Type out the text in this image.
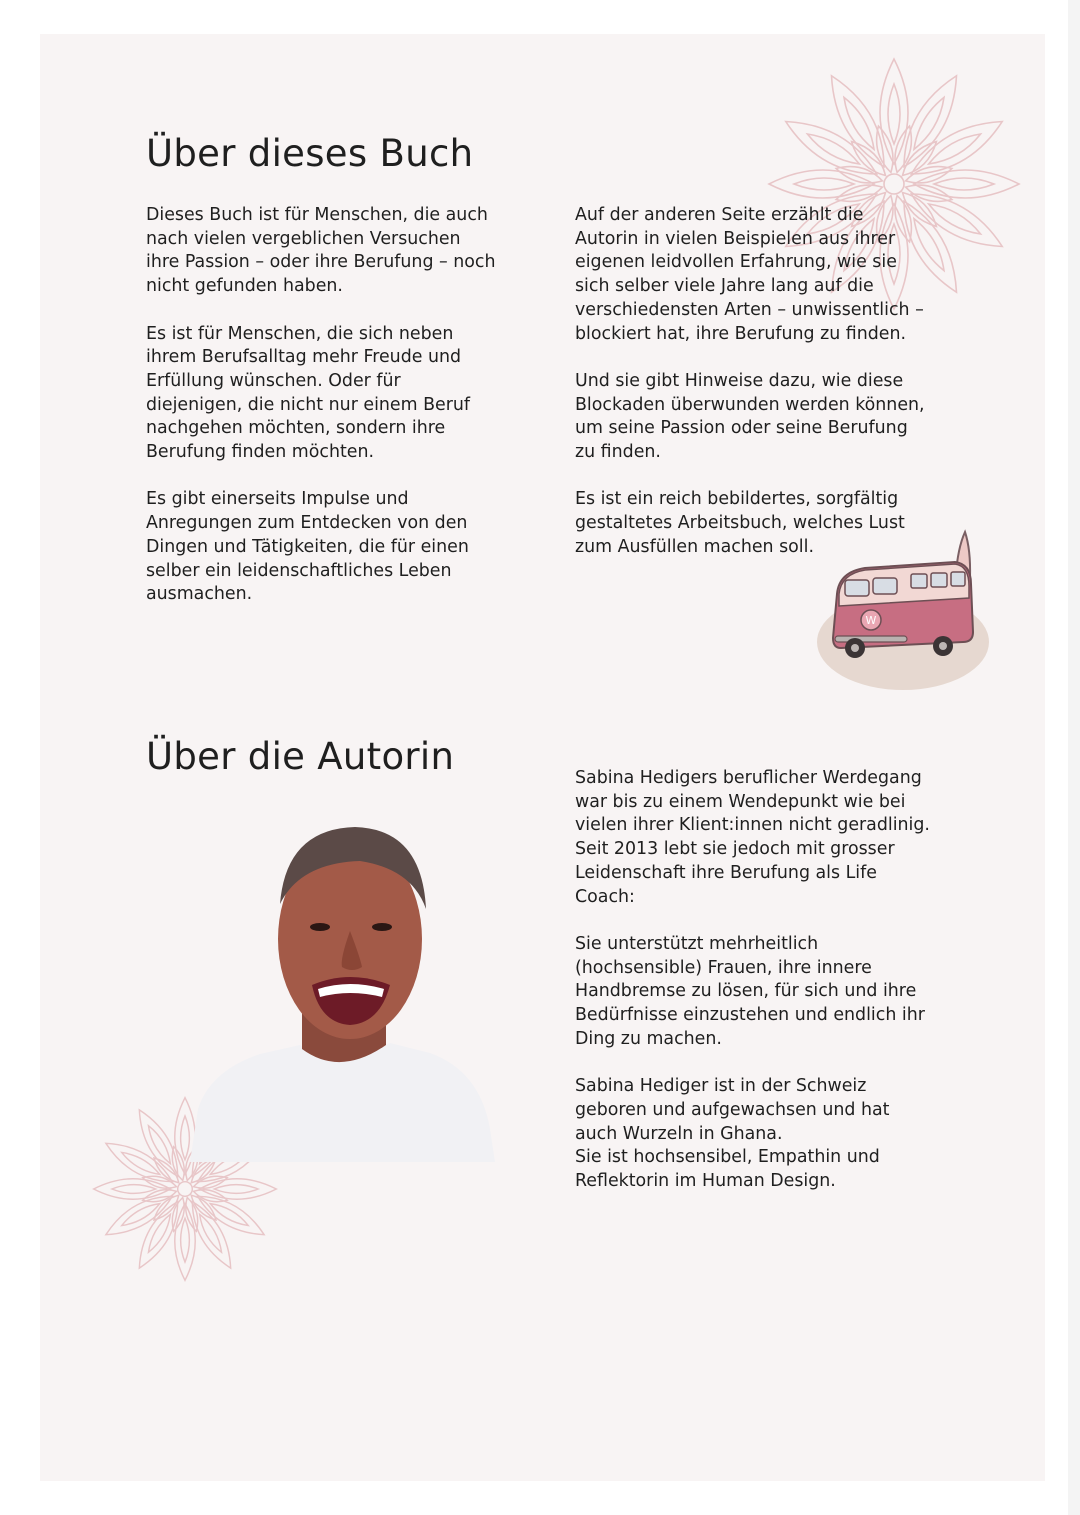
Über dieses Buch

Dieses Buch ist für Menschen, die auch nach vielen vergeblichen Versuchen ihre Passion – oder ihre Berufung – noch nicht gefunden haben.

Es ist für Menschen, die sich neben ihrem Berufsalltag mehr Freude und Erfüllung wünschen. Oder für diejenigen, die nicht nur einem Beruf nachgehen möchten, sondern ihre Berufung finden möchten.

Es gibt einerseits Impulse und Anregungen zum Entdecken von den Dingen und Tätigkeiten, die für einen selber ein leidenschaftliches Leben ausmachen.

Auf der anderen Seite erzählt die Autorin in vielen Beispielen aus ihrer eigenen leidvollen Erfahrung, wie sie sich selber viele Jahre lang auf die verschiedensten Arten – unwissentlich – blockiert hat, ihre Berufung zu finden.

Und sie gibt Hinweise dazu, wie diese Blockaden überwunden werden können, um seine Passion oder seine Berufung zu finden.

Es ist ein reich bebildertes, sorgfältig gestaltetes Arbeitsbuch, welches Lust zum Ausfüllen machen soll.

W
Über die Autorin	Sabina Hedigers beruflicher Werdegang war bis zu einem Wendepunkt wie bei vielen ihrer Klient:innen nicht geradlinig. Seit 2013 lebt sie jedoch mit grosser Leidenschaft ihre Berufung als Life Coach:

Sie unterstützt mehrheitlich (hochsensible) Frauen, ihre innere Handbremse zu lösen, für sich und ihre Bedürfnisse einzustehen und endlich ihr Ding zu machen.

Sabina Hediger ist in der Schweiz geboren und aufgewachsen und hat auch Wurzeln in Ghana.

Sie ist hochsensibel, Empathin und Reflektorin im Human Design.
